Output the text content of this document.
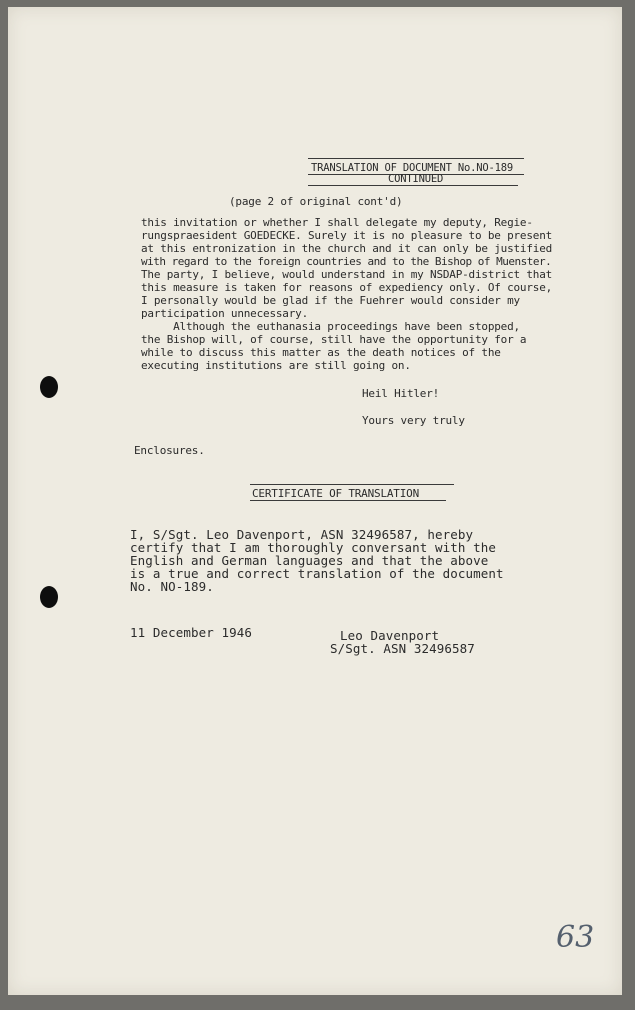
TRANSLATION OF DOCUMENT No.NO-189
CONTINUED
(page 2 of original cont'd)
this invitation or whether I shall delegate my deputy, Regie-
rungspraesident GOEDECKE. Surely it is no pleasure to be present
at this entronization in the church and it can only be justified
with regard to the foreign countries and to the Bishop of Muenster.
The party, I believe, would understand in my NSDAP-district that
this measure is taken for reasons of expediency only. Of course,
I personally would be glad if the Fuehrer would consider my
participation unnecessary.
Although the euthanasia proceedings have been stopped,
the Bishop will, of course, still have the opportunity for a
while to discuss this matter as the death notices of the
executing institutions are still going on.
Heil Hitler!
Yours very truly
Enclosures.
CERTIFICATE OF TRANSLATION
I, S/Sgt. Leo Davenport, ASN 32496587, hereby
certify that I am thoroughly conversant with the
English and German languages and that the above
is a true and correct translation of the document
No. NO-189.
11 December 1946	Leo Davenport
S/Sgt. ASN 32496587
63
